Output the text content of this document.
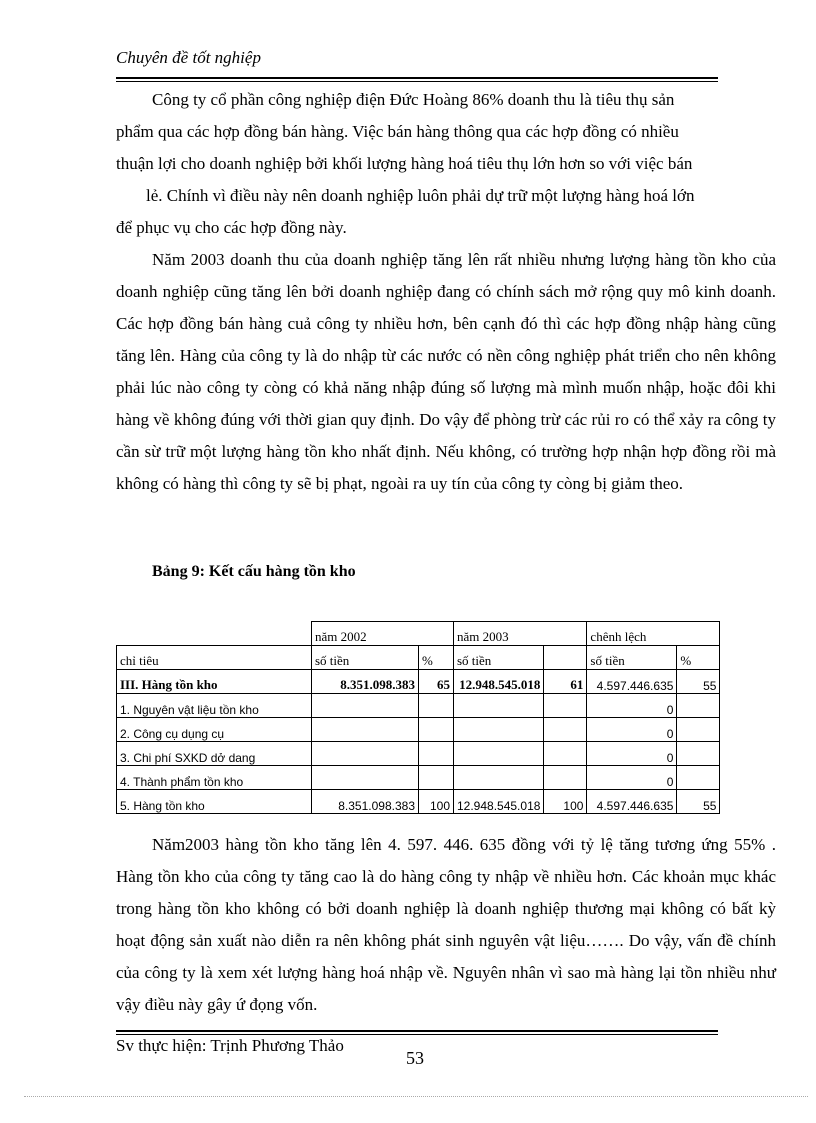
Chuyên đề tốt nghiệp

Công ty cổ phần công nghiệp điện Đức Hoàng 86% doanh thu là tiêu thụ sản

phẩm qua các hợp đồng bán hàng. Việc bán hàng thông qua các hợp đồng có nhiều

thuận lợi cho doanh nghiệp bởi khối lượng hàng hoá tiêu thụ lớn hơn so với việc bán

lẻ. Chính vì điều này nên doanh nghiệp luôn phải dự trữ một lượng hàng hoá lớn

để phục vụ cho các hợp đồng này.

Năm 2003 doanh thu của doanh nghiệp tăng lên rất nhiều nhưng lượng hàng tồn kho của doanh nghiệp cũng tăng lên bởi doanh nghiệp đang có chính sách mở rộng quy mô kinh doanh. Các hợp đồng bán hàng cuả công ty nhiều hơn, bên cạnh đó thì các hợp đồng nhập hàng cũng tăng lên. Hàng của công ty là do nhập từ các nước có nền công nghiệp phát triển cho nên không phải lúc nào công ty còng có khả năng nhập đúng số lượng mà mình muốn nhập, hoặc đôi khi hàng về không đúng với thời gian quy định. Do vậy để phòng trừ các rủi ro có thể xảy ra công ty cần sừ trữ một lượng hàng tồn kho nhất định. Nếu không, có trường hợp nhận hợp đồng rồi mà không có hàng thì công ty sẽ bị phạt, ngoài ra uy tín của công ty còng bị giảm theo.

Bảng 9: Kết cấu hàng tồn kho
	năm 2002		năm 2003		chênh lệch	
chỉ tiêu	số tiền	%	số tiền		số tiền	%
III. Hàng tồn kho	8.351.098.383	65	12.948.545.018	61	4.597.446.635	55
1. Nguyên vật liệu tồn kho					0	
2. Công cụ dụng cụ					0	
3. Chi phí SXKD dở dang					0	
4. Thành phẩm tồn kho					0	
5. Hàng tồn kho	8.351.098.383	100	12.948.545.018	100	4.597.446.635	55

Năm2003 hàng tồn kho tăng lên 4. 597. 446. 635 đồng với tỷ lệ tăng tương ứng 55% . Hàng tồn kho của công ty tăng cao là do hàng công ty nhập về nhiều hơn. Các khoản mục khác trong hàng tồn kho không có bởi doanh nghiệp là doanh nghiệp thương mại không có bất kỳ hoạt động sản xuất nào diễn ra nên không phát sinh nguyên vật liệu……. Do vậy, vấn đề chính của công ty là xem xét lượng hàng hoá nhập về. Nguyên nhân vì sao mà hàng lại tồn nhiều như vậy điều này gây ứ đọng vốn.

Sv thực hiện: Trịnh Phương Thảo
53
